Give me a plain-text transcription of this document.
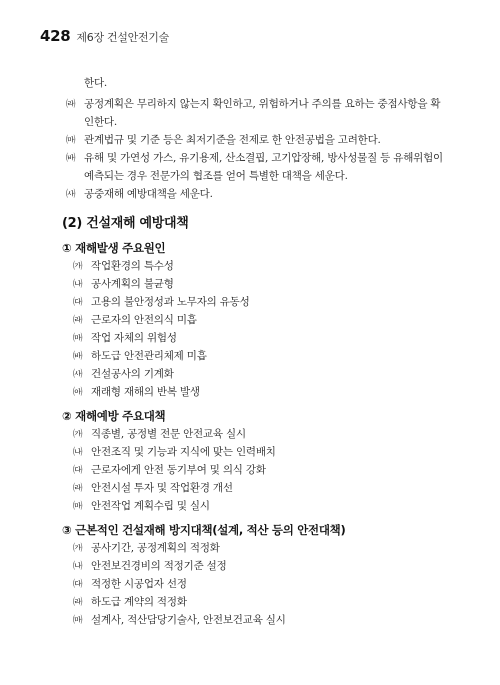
428 제6장 건설안전기술
한다.
㈑ 공정계획은 무리하지 않는지 확인하고, 위험하거나 주의를 요하는 중점사항을 확
인한다.
㈒ 관계법규 및 기준 등은 최저기준을 전제로 한 안전공법을 고려한다.
㈓ 유해 및 가연성 가스, 유기용제, 산소결핍, 고기압장해, 방사성물질 등 유해위험이
예측되는 경우 전문가의 협조를 얻어 특별한 대책을 세운다.
㈔ 공중재해 예방대책을 세운다.
(2) 건설재해 예방대책
① 재해발생 주요원인
㈎ 작업환경의 특수성
㈏ 공사계획의 불균형
㈐ 고용의 불안정성과 노무자의 유동성
㈑ 근로자의 안전의식 미흡
㈒ 작업 자체의 위험성
㈓ 하도급 안전관리체제 미흡
㈔ 건설공사의 기계화
㈕ 재래형 재해의 반복 발생
② 재해예방 주요대책
㈎ 직종별, 공정별 전문 안전교육 실시
㈏ 안전조직 및 기능과 지식에 맞는 인력배치
㈐ 근로자에게 안전 동기부여 및 의식 강화
㈑ 안전시설 투자 및 작업환경 개선
㈒ 안전작업 계획수립 및 실시
③ 근본적인 건설재해 방지대책(설계, 적산 등의 안전대책)
㈎ 공사기간, 공정계획의 적정화
㈏ 안전보건경비의 적정기준 설정
㈐ 적정한 시공업자 선정
㈑ 하도급 계약의 적정화
㈒ 설계사, 적산담당기술사, 안전보건교육 실시
